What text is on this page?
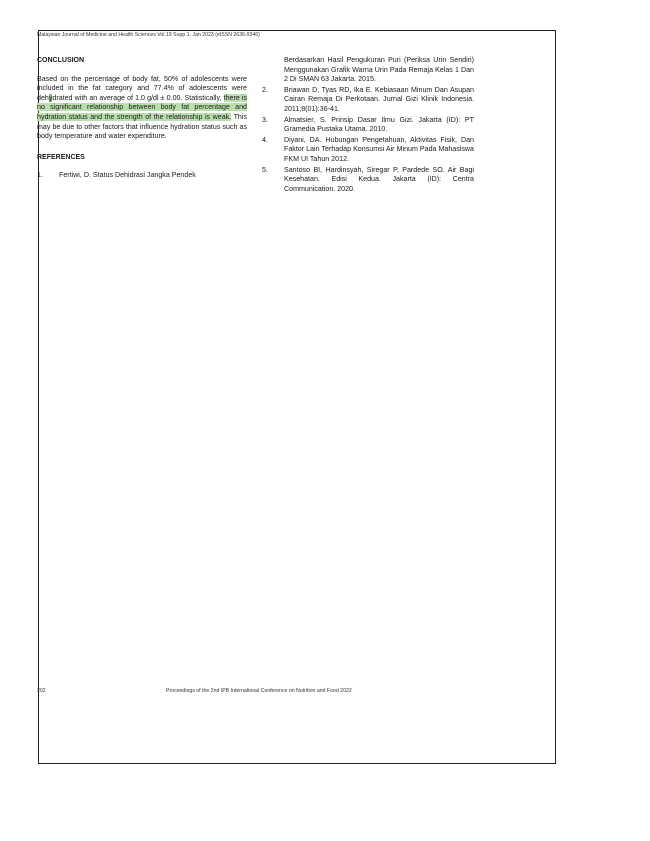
Malaysian Journal of Medicine and Health Sciences Vol.19 Supp 1, Jan 2023 (eISSN 2636-9346)
CONCLUSION

Based on the percentage of body fat, 50% of adolescents were included in the fat category and 77.4% of adolescents were dehydrated with an average of 1.0 g/dl ± 0.00. Statistically, there is no significant relationship between body fat percentage and hydration status and the strength of the relationship is weak. This may be due to other factors that influence hydration status such as body temperature and water expenditure.

REFERENCES
1. Fertiwi, D. Status Dehidrasi Jangka Pendek
Berdasarkan Hasil Pengukuran Puri (Periksa Urin Sendiri) Menggunakan Grafik Warna Urin Pada Remaja Kelas 1 Dan 2 Di SMAN 63 Jakarta. 2015.
2. Briawan D, Tyas RD, Ika E. Kebiasaan Minum Dan Asupan Cairan Remaja Di Perkotaan. Jurnal Gizi Klinik Indonesia. 2011;8(01):36-41.
3. Almatsier, S. Prinsip Dasar Ilmu Gizi. Jakarta (ID): PT Gramedia Pustaka Utama. 2010.
4. Diyani, DA. Hubungan Pengetahuan, Aktivitas Fisik, Dan Faktor Lain Terhadap Konsumsi Air Minum Pada Mahasiswa FKM UI Tahun 2012.
5. Santoso BI, Hardinsyah, Siregar P, Pardede SO. Air Bagi Kesehatan. Edisi Kedua. Jakarta (ID): Centra Communication. 2020.
202	Proceedings of the 2nd IPB International Conference on Nutrition and Food 2022
